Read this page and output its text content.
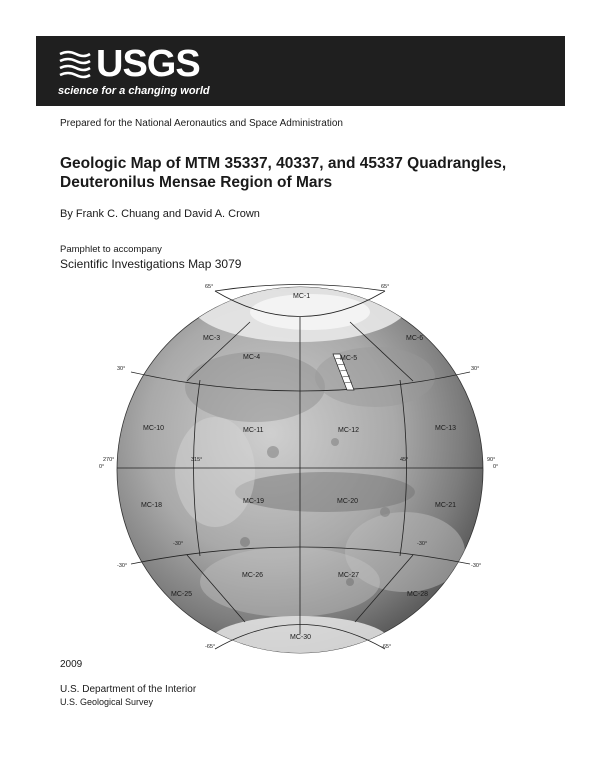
USGS
science for a changing world
Prepared for the National Aeronautics and Space Administration
Geologic Map of MTM 35337, 40337, and 45337 Quadrangles, Deuteronilus Mensae Region of Mars
By Frank C. Chuang and David A. Crown
Pamphlet to accompany
Scientific Investigations Map 3079
MC-1
MC-3
MC-4	MC-5
MC-6
MC-10	MC-11	MC-12	MC-13
MC-18
MC-19	MC-20
MC-21
MC-25
MC-26	MC-27
MC-28
MC-30
65°	65°
30°	30°
0°	0°
270°	315°	45°	90°
-30°	-30°
-65°	-65°
-30°	-30°
2009
U.S. Department of the Interior
U.S. Geological Survey
